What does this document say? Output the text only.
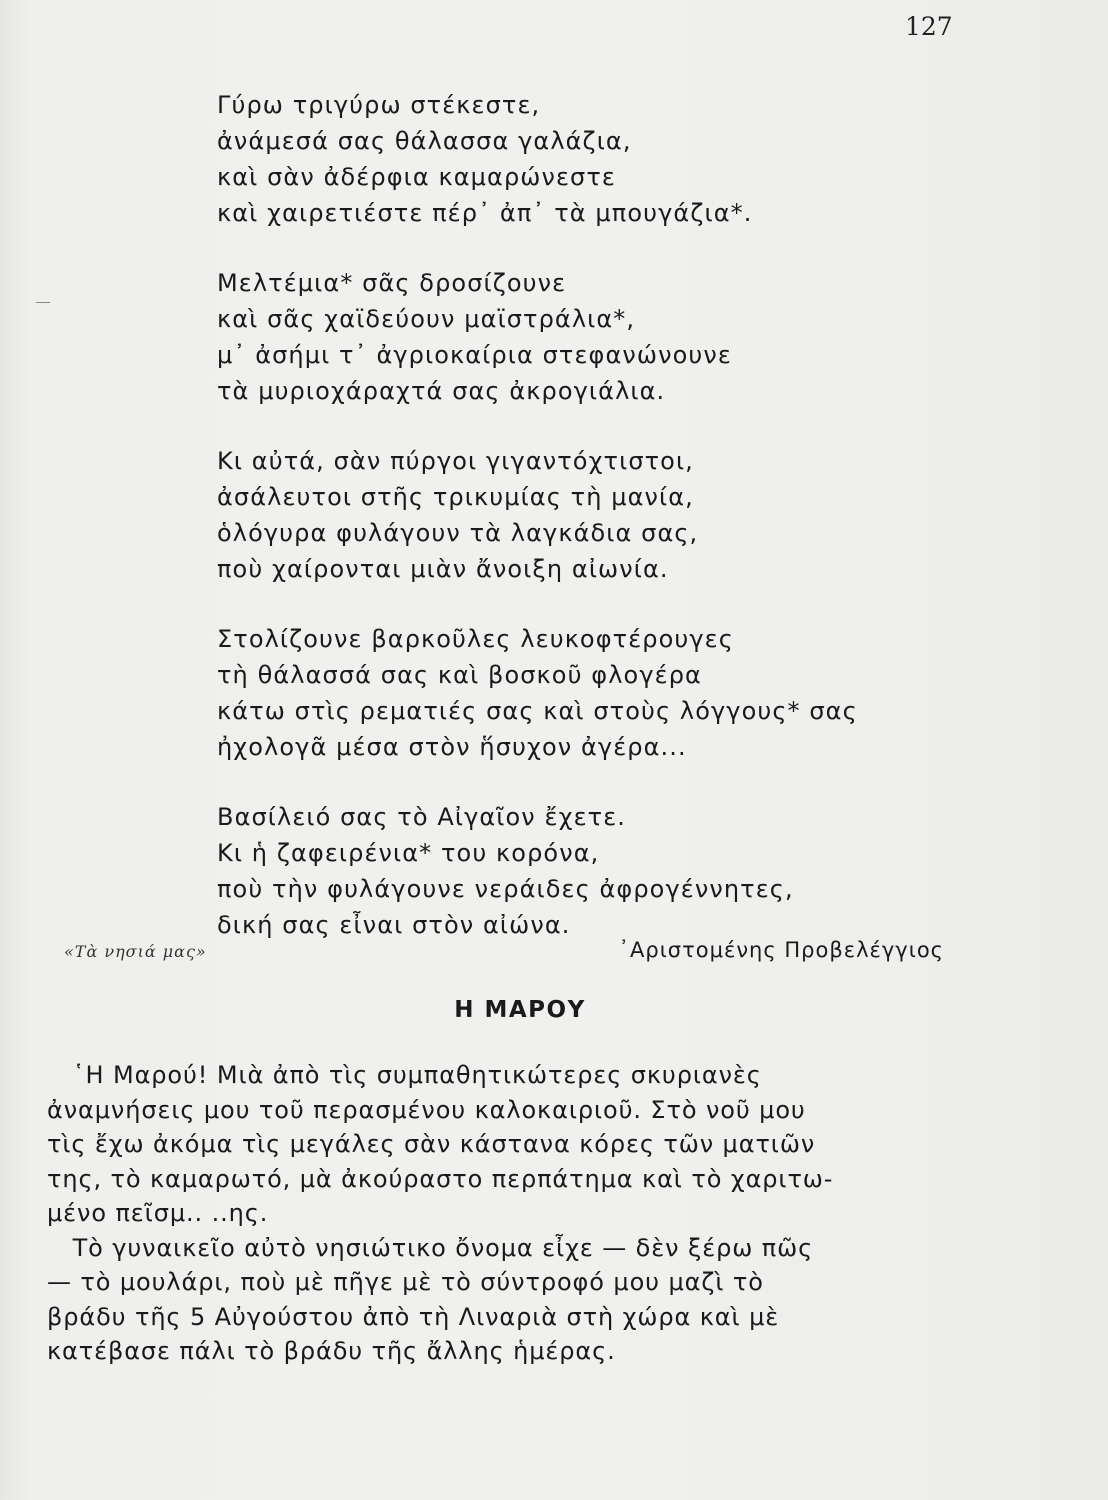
127
Γύρω τριγύρω στέκεστε,
ἀνάμεσά σας θάλασσα γαλάζια,
καὶ σὰν ἀδέρφια καμαρώνεστε
καὶ χαιρετιέστε πέρ᾽ ἀπ᾽ τὰ μπουγάζια*.
Μελτέμια* σᾶς δροσίζουνε
καὶ σᾶς χαϊδεύουν μαϊστράλια*,
μ᾽ ἀσήμι τ᾽ ἀγριοκαίρια στεφανώνουνε
τὰ μυριοχάραχτά σας ἀκρογιάλια.
Κι αὐτά, σὰν πύργοι γιγαντόχτιστοι,
ἀσάλευτοι στῆς τρικυμίας τὴ μανία,
ὁλόγυρα φυλάγουν τὰ λαγκάδια σας,
ποὺ χαίρονται μιὰν ἄνοιξη αἰωνία.
Στολίζουνε βαρκοῦλες λευκοφτέρουγες
τὴ θάλασσά σας καὶ βοσκοῦ φλογέρα
κάτω στὶς ρεματιές σας καὶ στοὺς λόγγους* σας
ἠχολογᾶ μέσα στὸν ἥσυχον ἀγέρα...
Βασίλειό σας τὸ Αἰγαῖον ἔχετε.
Κι ἡ ζαφειρένια* του κορόνα,
ποὺ τὴν φυλάγουνε νεράιδες ἀφρογέννητες,
δική σας εἶναι στὸν αἰώνα.
«Τὰ νησιά μας»	᾽Αριστομένης Προβελέγγιος
Η ΜΑΡΟΥ
῾Η Μαρού! Μιὰ ἀπὸ τὶς συμπαθητικώτερες σκυριανὲς
ἀναμνήσεις μου τοῦ περασμένου καλοκαιριοῦ. Στὸ νοῦ μου
τὶς ἔχω ἀκόμα τὶς μεγάλες σὰν κάστανα κόρες τῶν ματιῶν
της, τὸ καμαρωτό, μὰ ἀκούραστο περπάτημα καὶ τὸ χαριτω-
μένο πεῖσμ.. ..ης.
Τὸ γυναικεῖο αὐτὸ νησιώτικο ὄνομα εἶχε — δὲν ξέρω πῶς
— τὸ μουλάρι, ποὺ μὲ πῆγε μὲ τὸ σύντροφό μου μαζὶ τὸ
βράδυ τῆς 5 Αὐγούστου ἀπὸ τὴ Λιναριὰ στὴ χώρα καὶ μὲ
κατέβασε πάλι τὸ βράδυ τῆς ἄλλης ἡμέρας.
